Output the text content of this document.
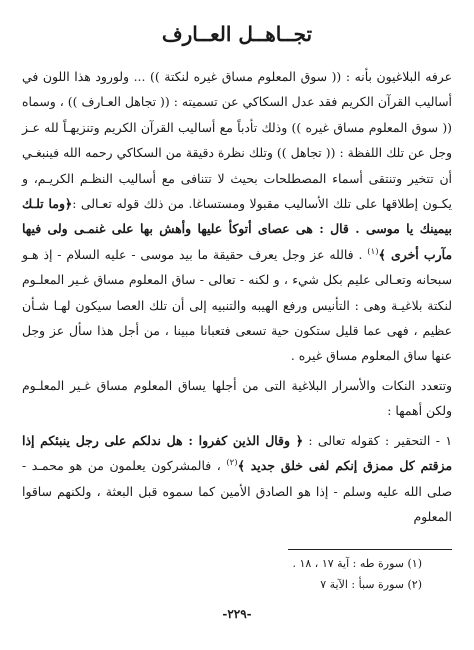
تجــاهــل العــارف

عرفه البلاغيون بأنه : (( سوق المعلوم مساق غيره لنكتة )) ... ولورود هذا اللون في أساليب القرآن الكريم فقد عدل السكاكي عن تسميته : (( تجاهل العـارف )) ، وسماه (( سوق المعلوم مساق غيره )) وذلك تأدباً مع أساليب القرآن الكريم وتنزيهـاً لله عـز وجل عن تلك اللفظة : (( تجاهل )) وتلك نظرة دقيقة من السكاكي رحمه الله فينبغـي أن تتخير وتنتقى أسماء المصطلحات بحيث لا تتنافى مع أساليب النظـم الكريـم، و يكـون إطلاقها على تلك الأساليب مقبولا ومستساغا. من ذلك قوله تعـالى :﴿وما تلـك بيمينك يا موسى . قال : هى عصاى أتوكأ عليها وأهش بها على غنمـى ولى فيها مآرب أخرى ﴾$^{(١)}$ . فالله عز وجل يعرف حقيقة ما بيد موسى - عليه السلام - إذ هـو سبحانه وتعـالى عليم بكل شيء ، و لكنه - تعالى - ساق المعلوم مساق غـير المعلـوم لنكتة بلاغيـة وهى : التأنيس ورفع الهيبه والتنبيه إلى أن تلك العصا سيكون لهـا شـأن عظيم ، فهى عما قليل ستكون حية تسعى فتعبانا مبينا ، من أجل هذا سأل عز وجل عنها ساق المعلوم مساق غيره .

وتتعدد النكات والأسرار البلاغية التى من أجلها يساق المعلوم مساق غـير المعلـوم ولكن أهمها :

١ - التحقير : كقوله تعالى : ﴿ وقال الذين كفروا : هل ندلكم على رجل ينبئكم إذا مزقتم كل ممزق إنكم لفى خلق جديد ﴾$^{(٢)}$ ، فالمشركون يعلمون من هو محمـد - صلى الله عليه وسلم - إذا هو الصادق الأمين كما سموه قبل البعثة ، ولكنهم ساقوا المعلوم

(١) سورة طه : آية ١٧ ، ١٨ .
(٢) سورة سبأ : الآية ٧
-٢٢٩-
